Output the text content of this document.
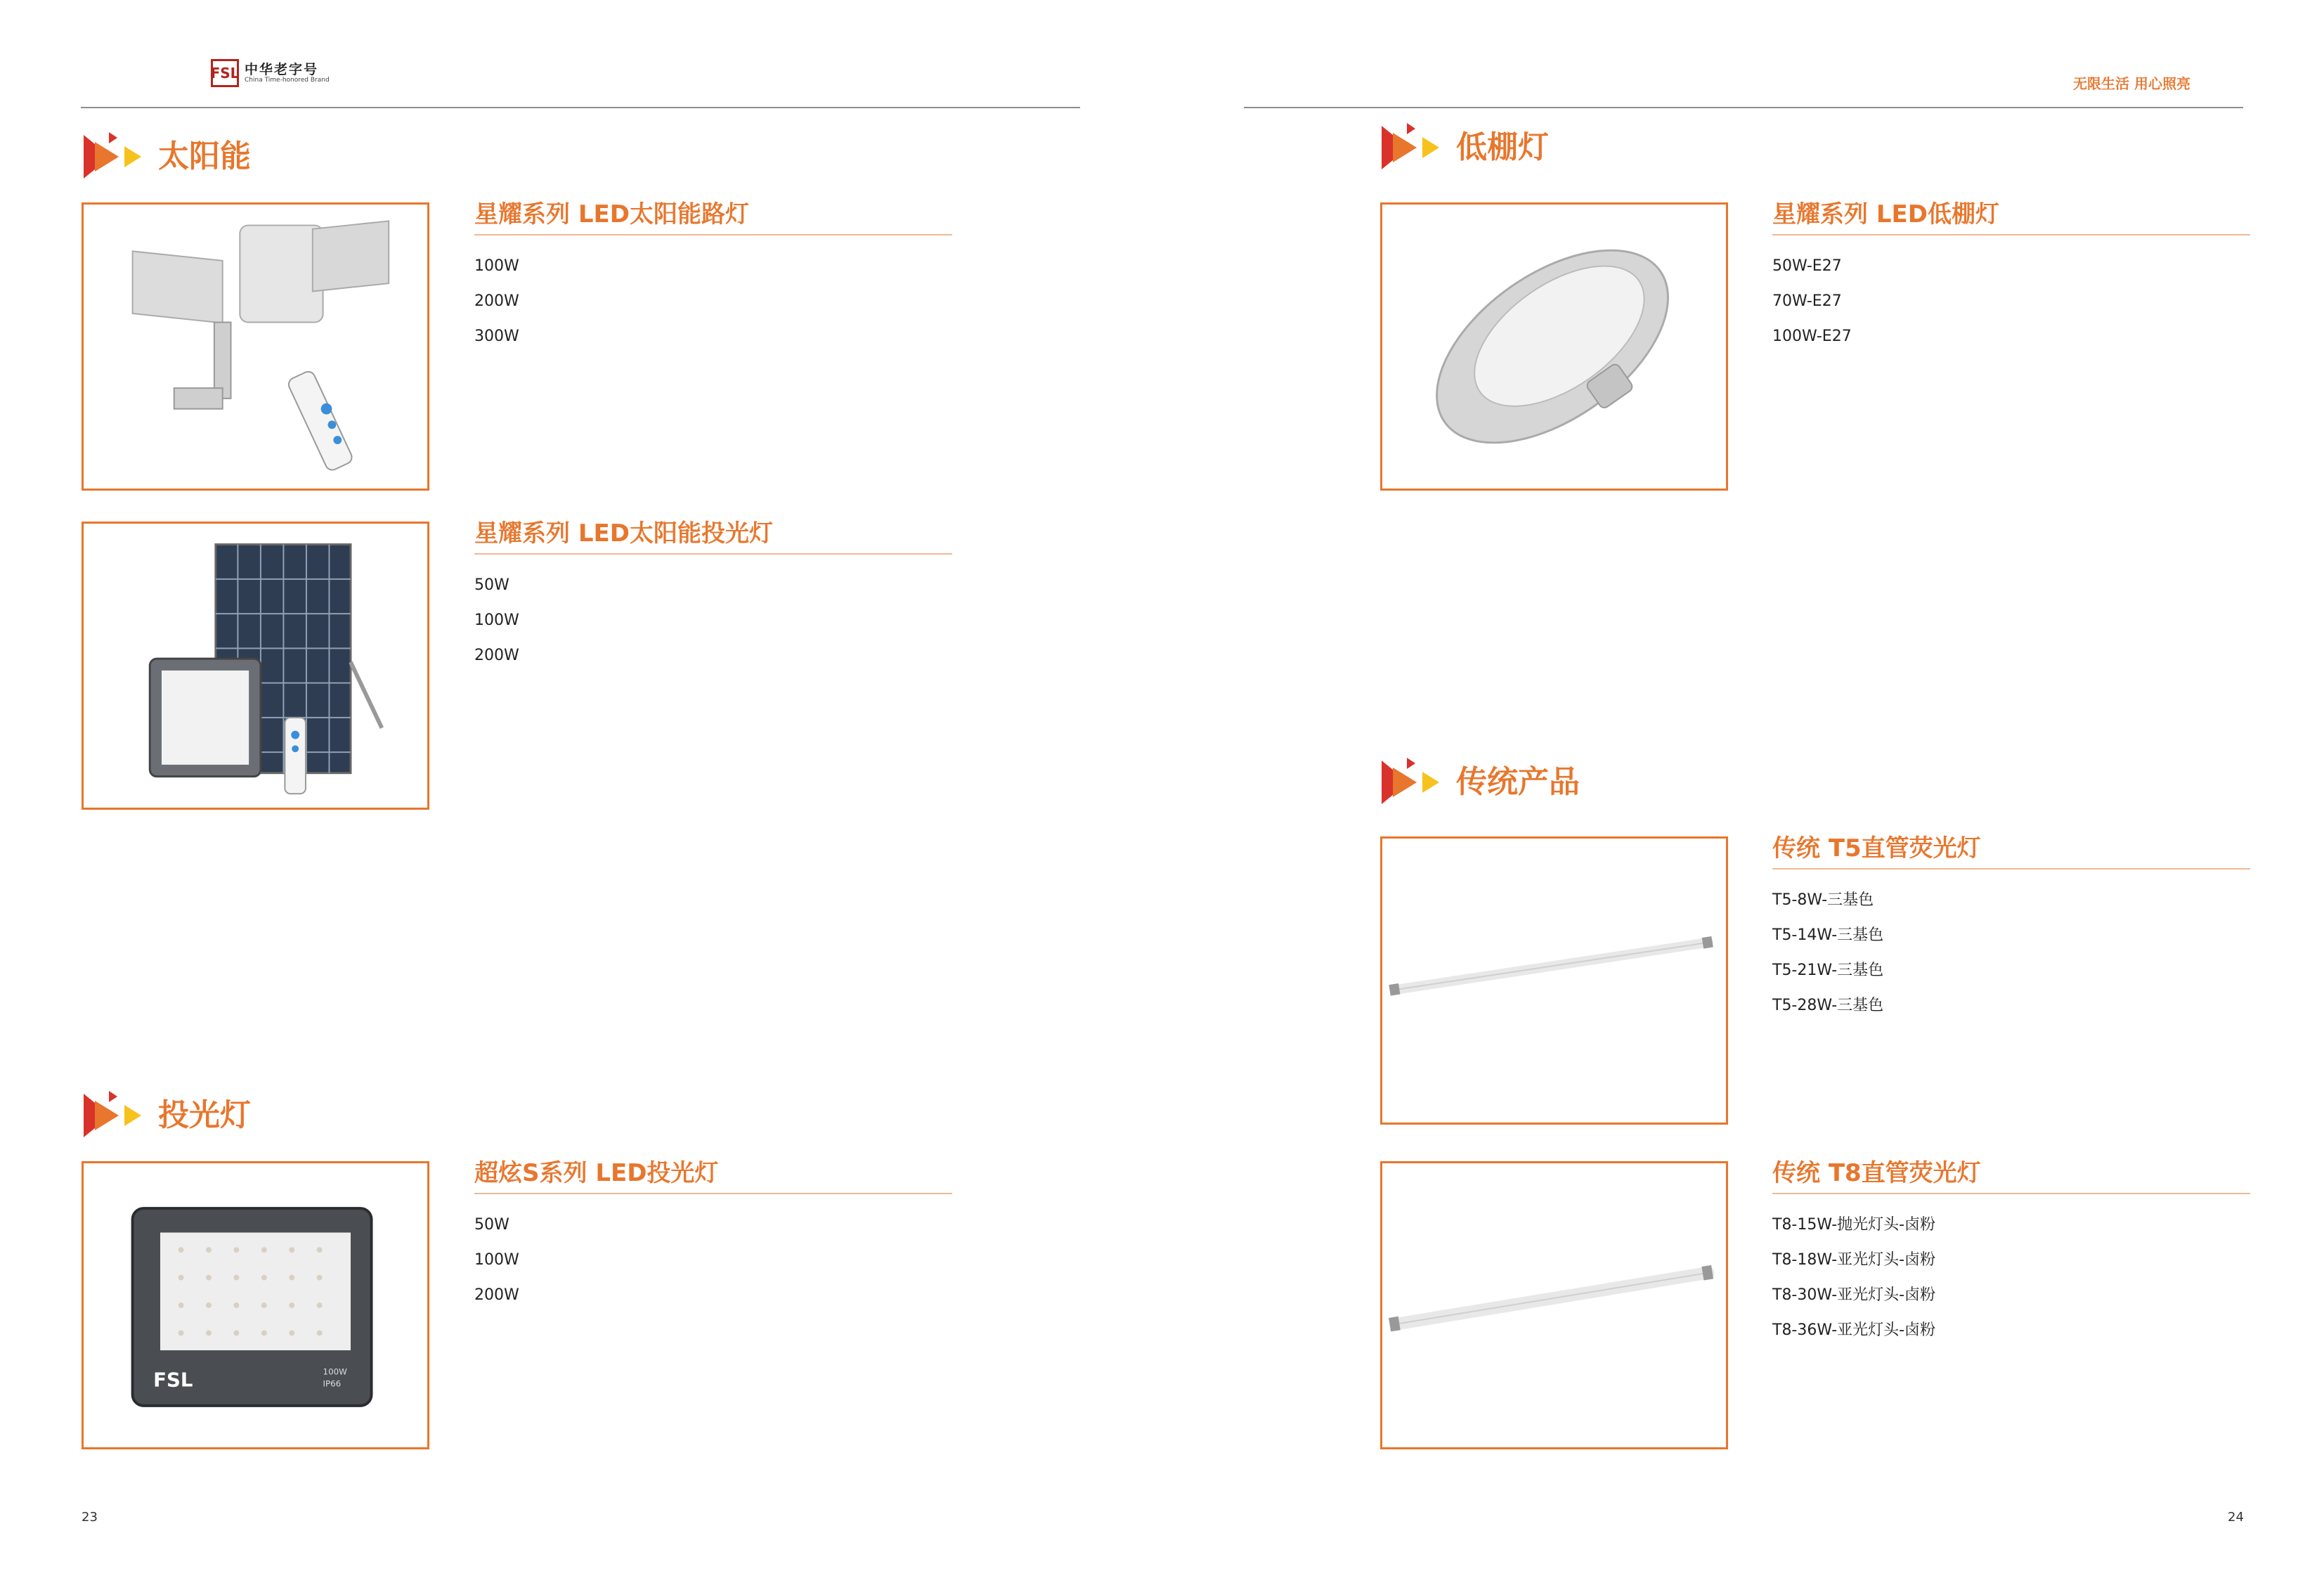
FSL 中华老字号
China Time-honored Brand	无限生活 用心照亮
太阳能
星耀系列 LED太阳能路灯
100W
200W
300W
星耀系列 LED太阳能投光灯
50W
100W
200W
投光灯
FSL	100W
IP66
超炫S系列 LED投光灯
50W
100W
200W
低棚灯
星耀系列 LED低棚灯
50W-E27
70W-E27
100W-E27
传统产品
传统 T5直管荧光灯
T5-8W-三基色
T5-14W-三基色
T5-21W-三基色
T5-28W-三基色
传统 T8直管荧光灯
T8-15W-抛光灯头-卤粉
T8-18W-亚光灯头-卤粉
T8-30W-亚光灯头-卤粉
T8-36W-亚光灯头-卤粉
23	24
